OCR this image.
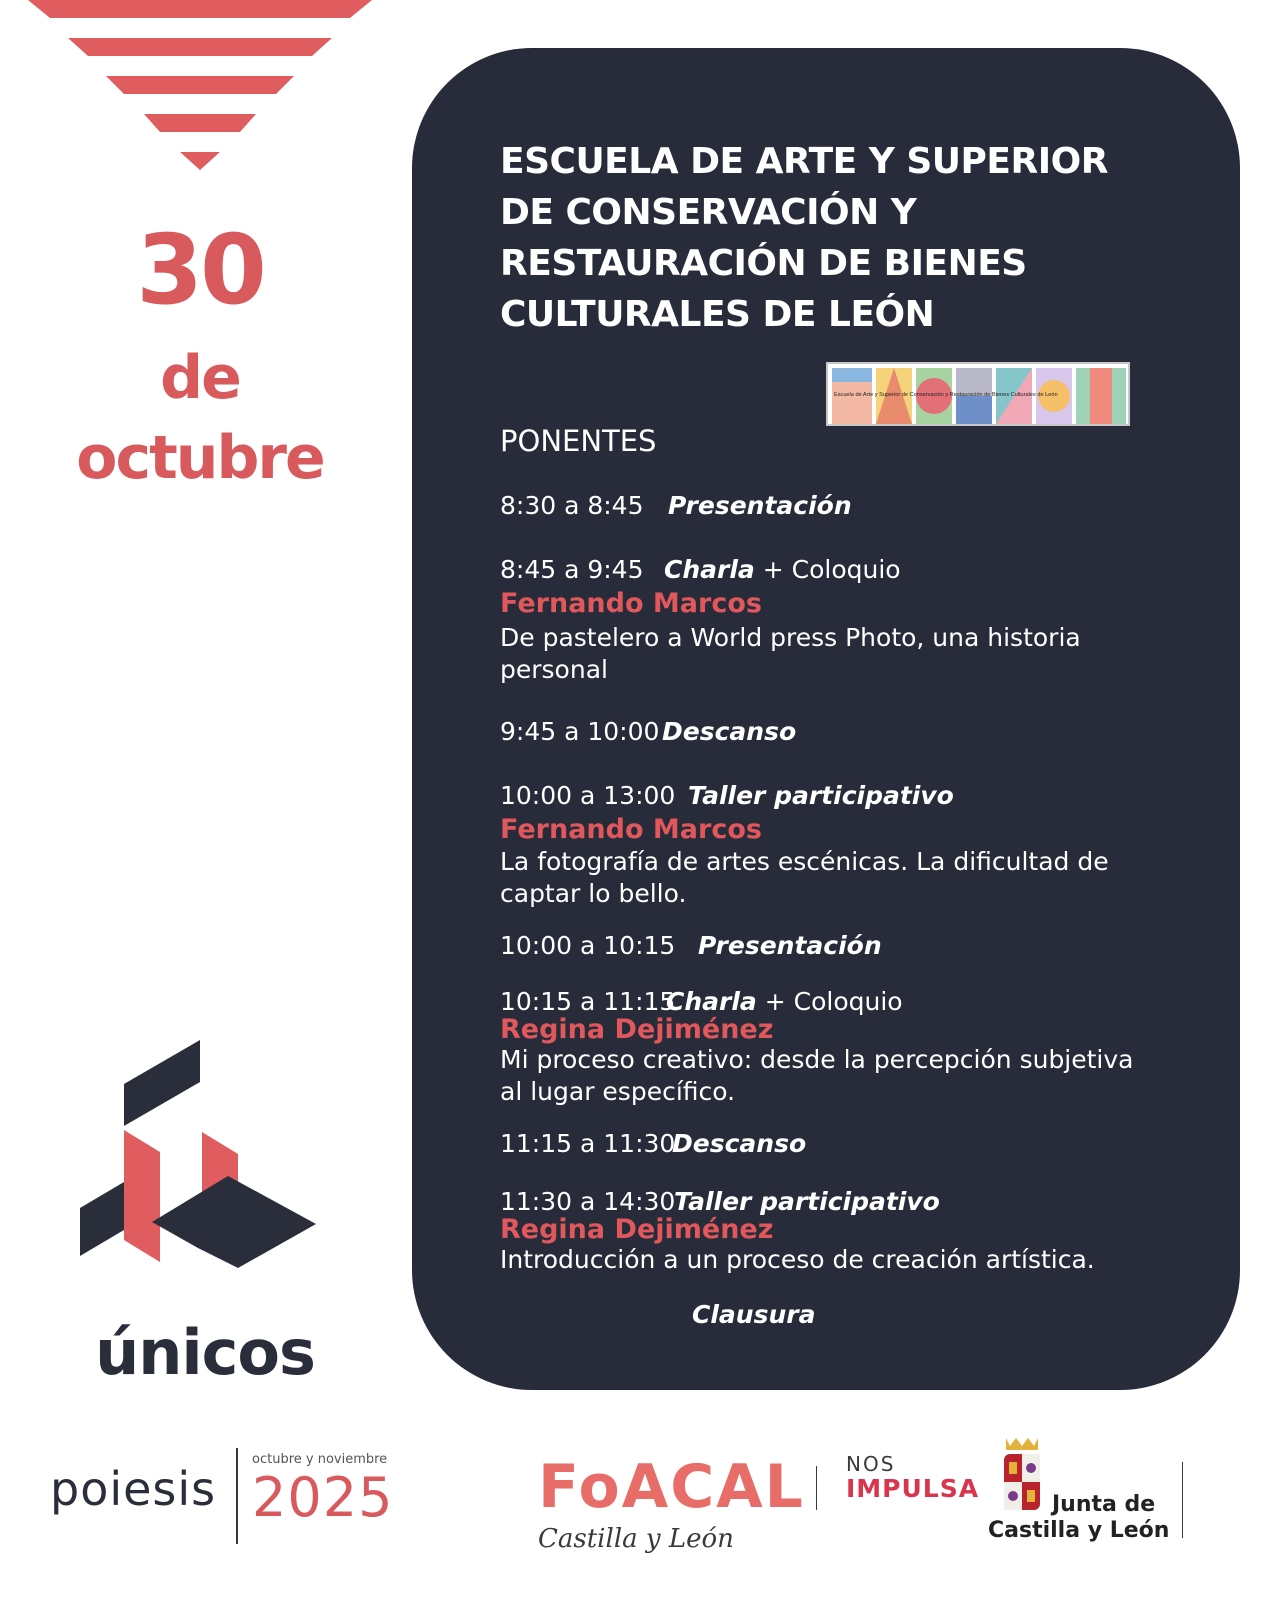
30
de
octubre
únicos
ESCUELA DE ARTE Y SUPERIOR
DE CONSERVACIÓN Y
RESTAURACIÓN DE BIENES
CULTURALES DE LEÓN
Escuela de Arte y Superior de Conservación y Restauración de Bienes Culturales de León
PONENTES
8:30 a 8:45 Presentación
8:45 a 9:45 Charla + Coloquio
Fernando Marcos
De pastelero a World press Photo, una historia personal
9:45 a 10:00 Descanso
10:00 a 13:00 Taller participativo
Fernando Marcos
La fotografía de artes escénicas. La dificultad de captar lo bello.
10:00 a 10:15 Presentación
10:15 a 11:15Charla + Coloquio
Regina Dejiménez
Mi proceso creativo: desde la percepción subjetiva al lugar específico.
11:15 a 11:30Descanso
11:30 a 14:30Taller participativo
Regina Dejiménez
Introducción a un proceso de creación artística.
Clausura
poiesis
octubre y noviembre
2025 FoACAL
Castilla y León
NOS
IMPULSA
Junta de
Castilla y León
